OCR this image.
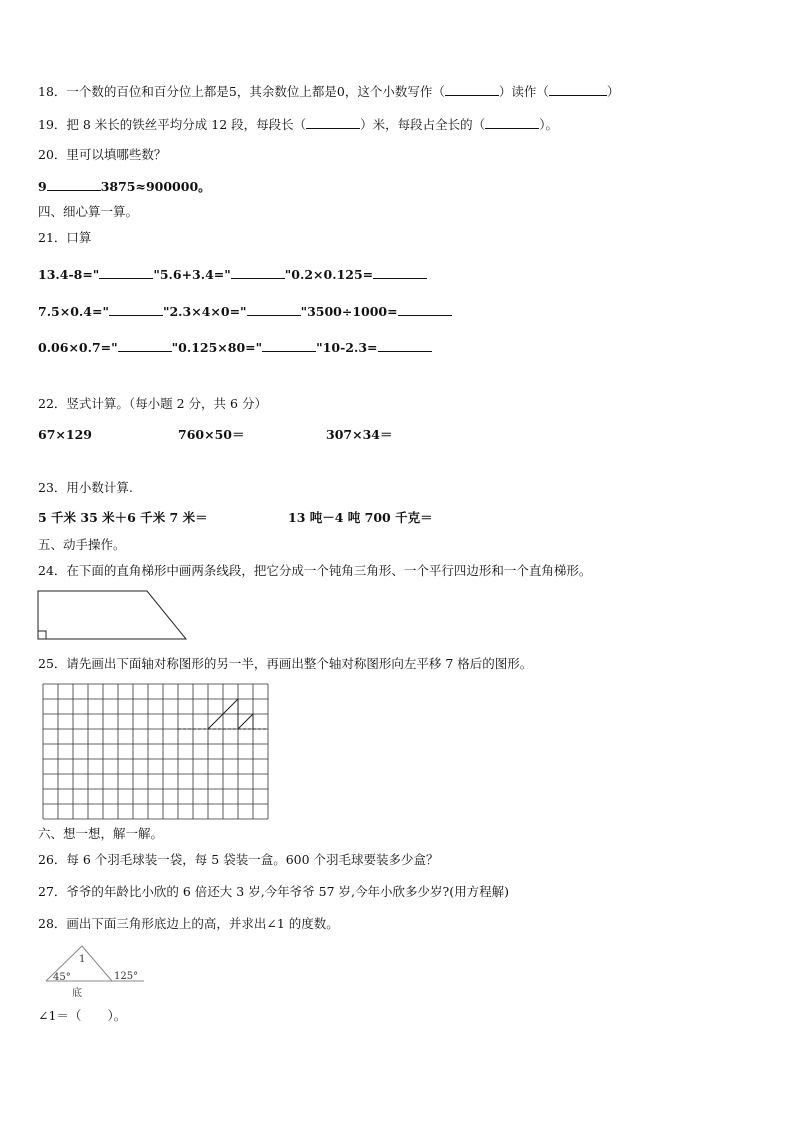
18．一个数的百位和百分位上都是5，其余数位上都是0，这个小数写作（	）读作（	）
19．把 8 米长的铁丝平均分成 12 段，每段长（	）米，每段占全长的（	）。
20．里可以填哪些数？
9	3875≈900000。
四、细心算一算。
21．口算
13.4-8="	"5.6+3.4="	"0.2×0.125=
7.5×0.4="	"2.3×4×0="	"3500÷1000=
0.06×0.7="	"0.125×80="	"10-2.3=
22．竖式计算。（每小题 2 分，共 6 分）
67×129	760×50＝	307×34＝
23．用小数计算.
5 千米 35 米＋6 千米 7 米＝	13 吨－4 吨 700 千克＝
五、动手操作。
24．在下面的直角梯形中画两条线段，把它分成一个钝角三角形、一个平行四边形和一个直角梯形。
25．请先画出下面轴对称图形的另一半，再画出整个轴对称图形向左平移 7 格后的图形。
六、想一想，解一解。
26．每 6 个羽毛球装一袋，每 5 袋装一盒。600 个羽毛球要装多少盒？
27．爷爷的年龄比小欣的 6 倍还大 3 岁,今年爷爷 57 岁,今年小欣多少岁?(用方程解)
28．画出下面三角形底边上的高，并求出∠1 的度数。
1
45°	125°
底
∠1＝（ ）。
